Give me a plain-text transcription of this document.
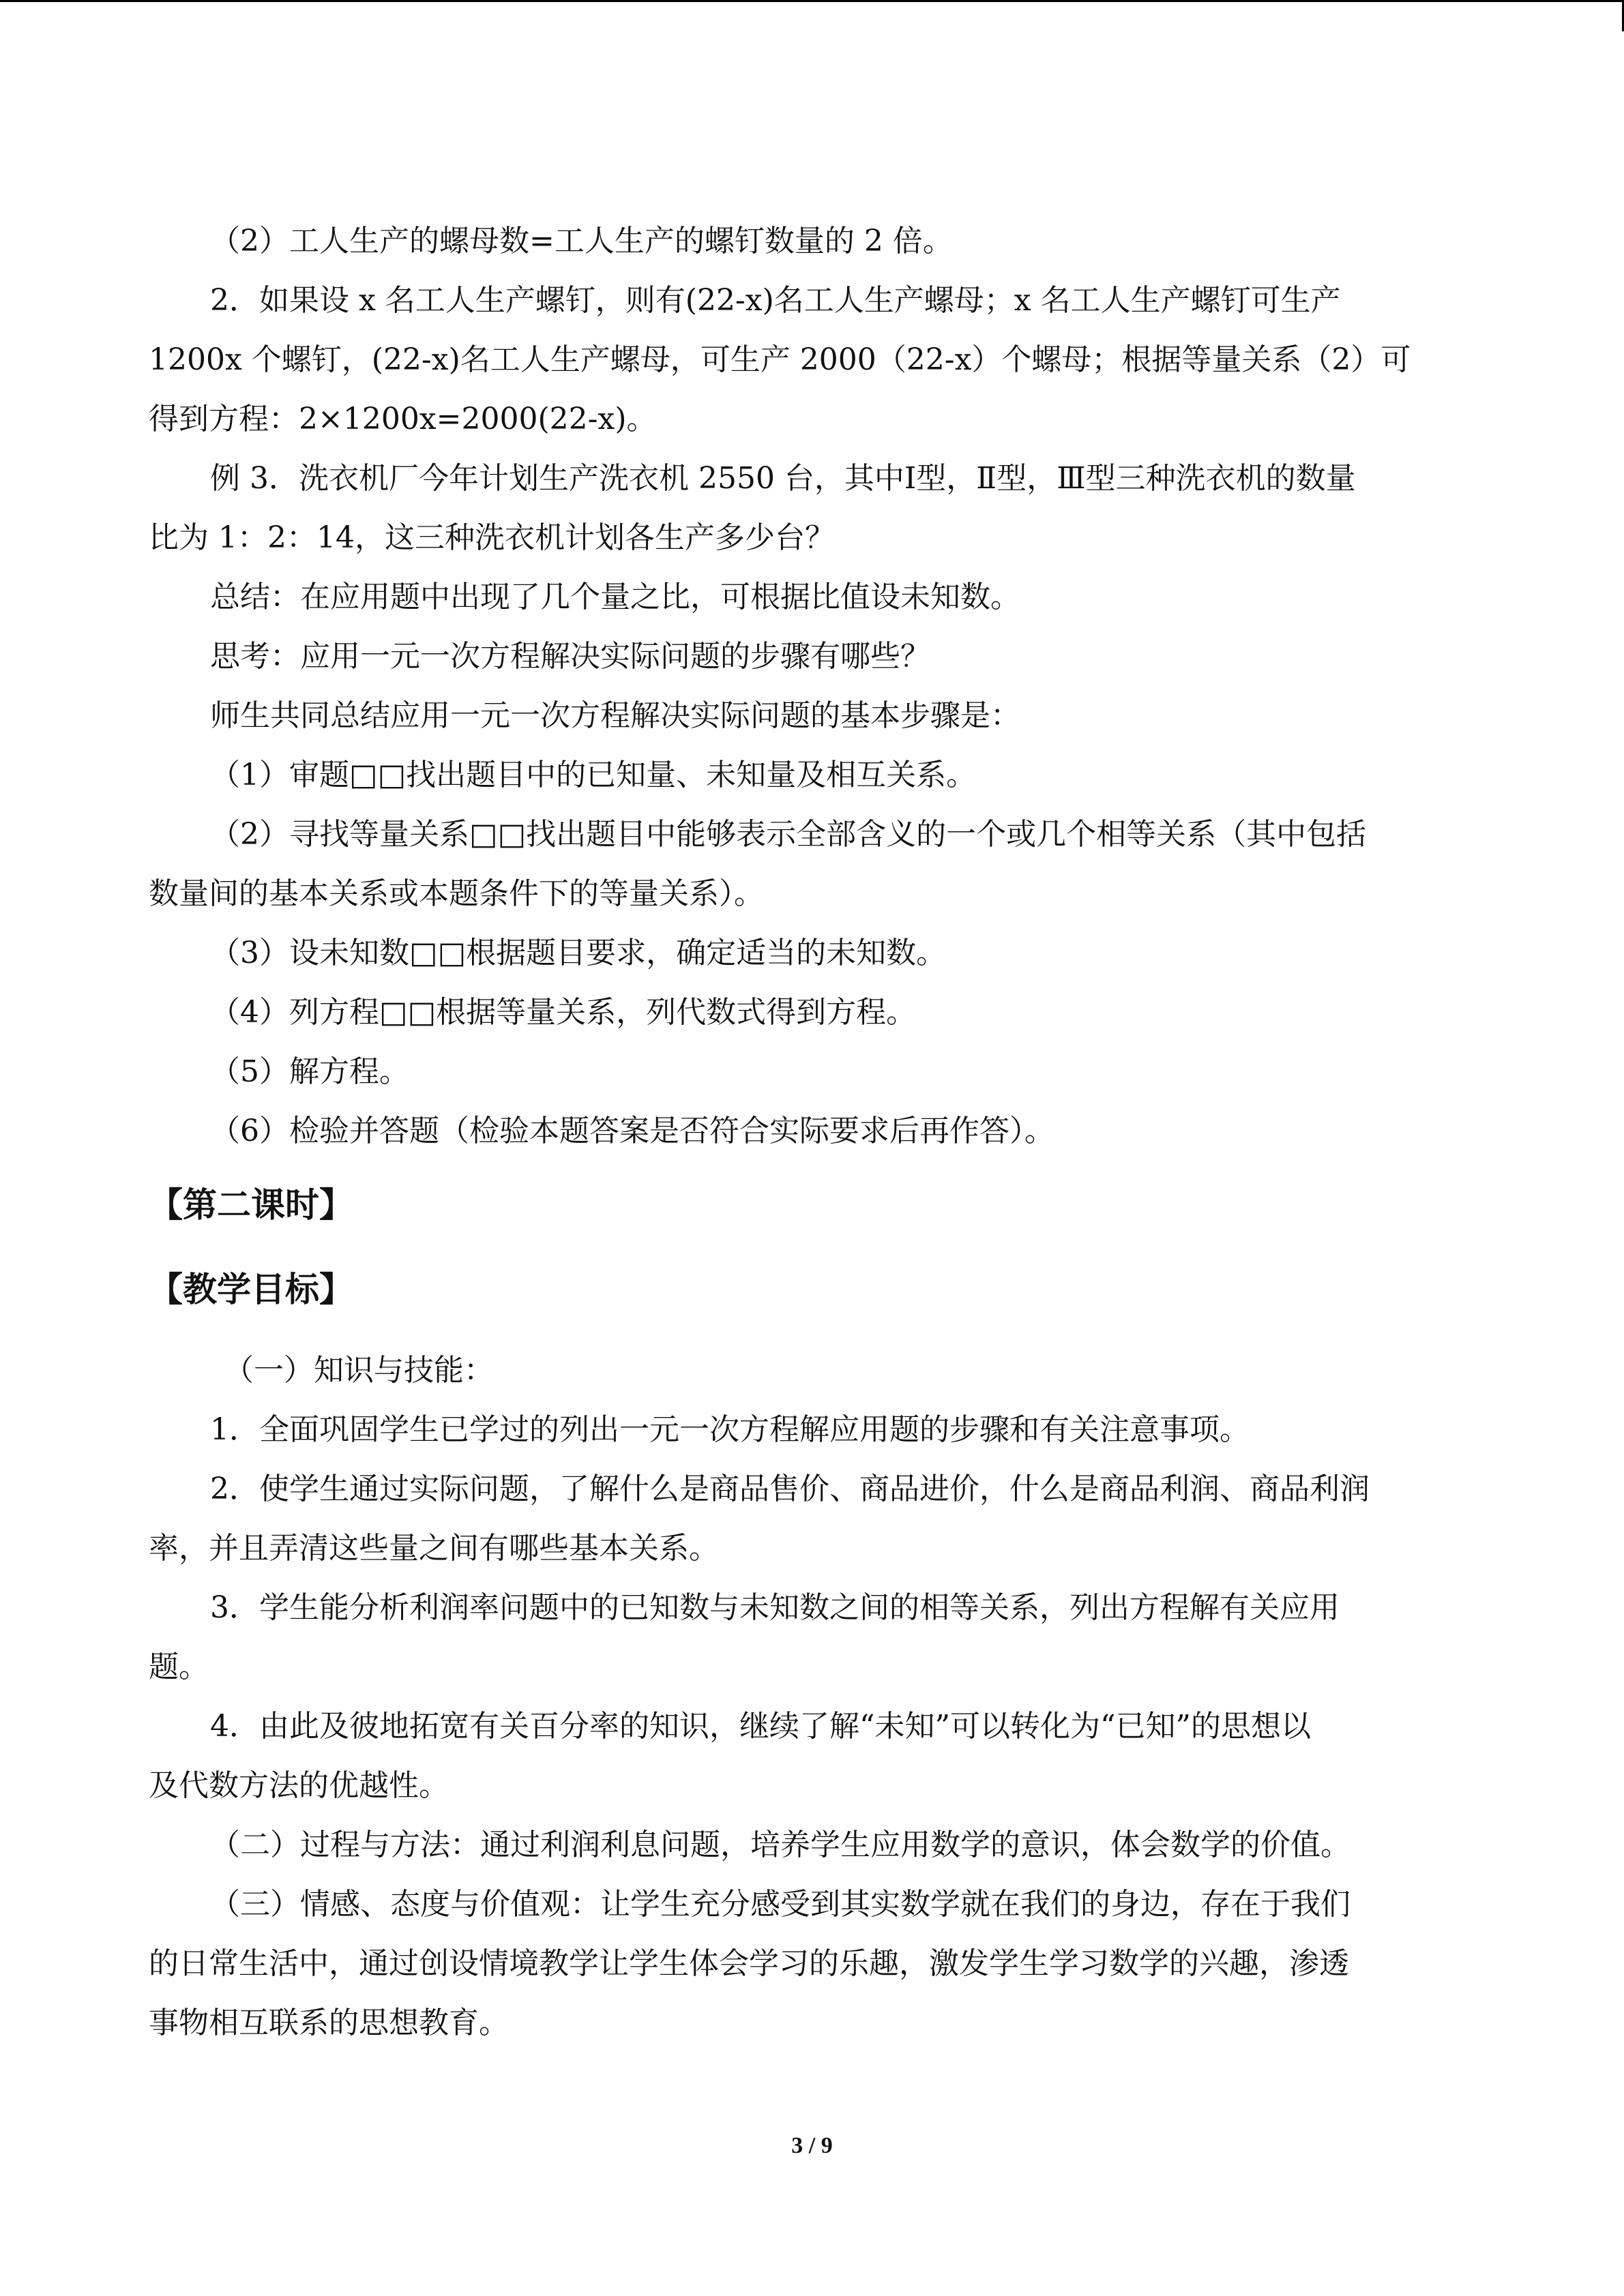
（2）工人生产的螺母数=工人生产的螺钉数量的 2 倍。

2．如果设 x 名工人生产螺钉，则有(22-x)名工人生产螺母；x 名工人生产螺钉可生产

1200x 个螺钉，(22-x)名工人生产螺母，可生产 2000（22-x）个螺母；根据等量关系（2）可

得到方程：2×1200x=2000(22-x)。

例 3．洗衣机厂今年计划生产洗衣机 2550 台，其中Ⅰ型，Ⅱ型，Ⅲ型三种洗衣机的数量

比为 1：2：14，这三种洗衣机计划各生产多少台？

总结：在应用题中出现了几个量之比，可根据比值设未知数。

思考：应用一元一次方程解决实际问题的步骤有哪些？

师生共同总结应用一元一次方程解决实际问题的基本步骤是：

（1）审题□□找出题目中的已知量、未知量及相互关系。

（2）寻找等量关系□□找出题目中能够表示全部含义的一个或几个相等关系（其中包括

数量间的基本关系或本题条件下的等量关系）。

（3）设未知数□□根据题目要求，确定适当的未知数。

（4）列方程□□根据等量关系，列代数式得到方程。

（5）解方程。

（6）检验并答题（检验本题答案是否符合实际要求后再作答）。

【第二课时】

【教学目标】

（一）知识与技能：

1．全面巩固学生已学过的列出一元一次方程解应用题的步骤和有关注意事项。

2．使学生通过实际问题，了解什么是商品售价、商品进价，什么是商品利润、商品利润

率，并且弄清这些量之间有哪些基本关系。

3．学生能分析利润率问题中的已知数与未知数之间的相等关系，列出方程解有关应用

题。

4．由此及彼地拓宽有关百分率的知识，继续了解“未知”可以转化为“已知”的思想以

及代数方法的优越性。

（二）过程与方法：通过利润利息问题，培养学生应用数学的意识，体会数学的价值。

（三）情感、态度与价值观：让学生充分感受到其实数学就在我们的身边，存在于我们

的日常生活中，通过创设情境教学让学生体会学习的乐趣，激发学生学习数学的兴趣，渗透

事物相互联系的思想教育。

3 / 9
